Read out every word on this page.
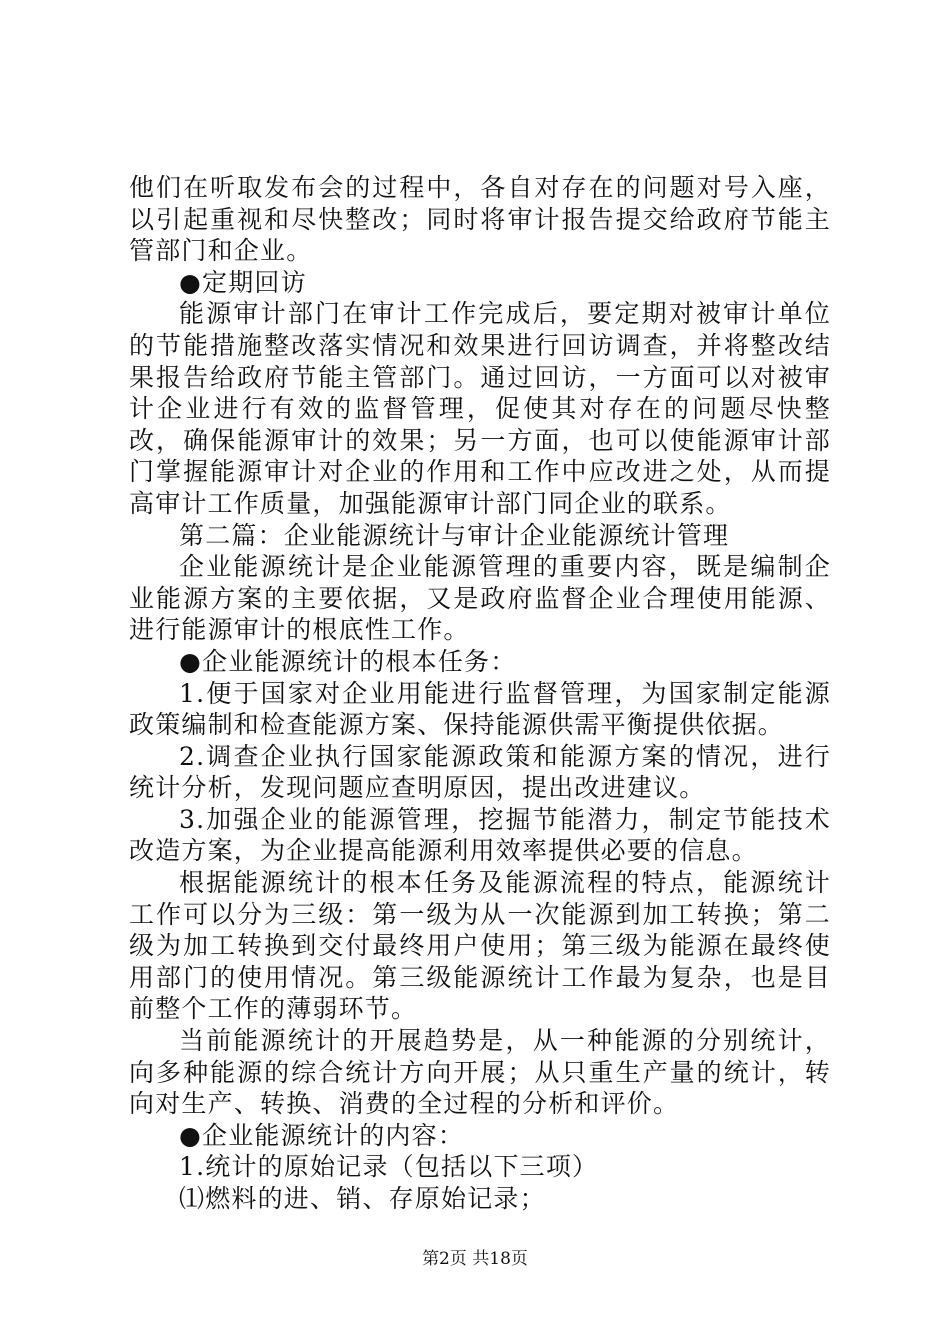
他们在听取发布会的过程中，各自对存在的问题对号入座，以引起重视和尽快整改；同时将审计报告提交给政府节能主管部门和企业。

●定期回访

能源审计部门在审计工作完成后，要定期对被审计单位的节能措施整改落实情况和效果进行回访调查，并将整改结果报告给政府节能主管部门。通过回访，一方面可以对被审计企业进行有效的监督管理，促使其对存在的问题尽快整改，确保能源审计的效果；另一方面，也可以使能源审计部门掌握能源审计对企业的作用和工作中应改进之处，从而提高审计工作质量，加强能源审计部门同企业的联系。

第二篇：企业能源统计与审计企业能源统计管理

企业能源统计是企业能源管理的重要内容，既是编制企业能源方案的主要依据，又是政府监督企业合理使用能源、进行能源审计的根底性工作。

●企业能源统计的根本任务：

1.便于国家对企业用能进行监督管理，为国家制定能源政策编制和检查能源方案、保持能源供需平衡提供依据。

2.调查企业执行国家能源政策和能源方案的情况，进行统计分析，发现问题应查明原因，提出改进建议。

3.加强企业的能源管理，挖掘节能潜力，制定节能技术改造方案，为企业提高能源利用效率提供必要的信息。

根据能源统计的根本任务及能源流程的特点，能源统计工作可以分为三级：第一级为从一次能源到加工转换；第二级为加工转换到交付最终用户使用；第三级为能源在最终使用部门的使用情况。第三级能源统计工作最为复杂，也是目前整个工作的薄弱环节。

当前能源统计的开展趋势是，从一种能源的分别统计，向多种能源的综合统计方向开展；从只重生产量的统计，转向对生产、转换、消费的全过程的分析和评价。

●企业能源统计的内容：

1.统计的原始记录（包括以下三项）

⑴燃料的进、销、存原始记录；

第2页 共18页
